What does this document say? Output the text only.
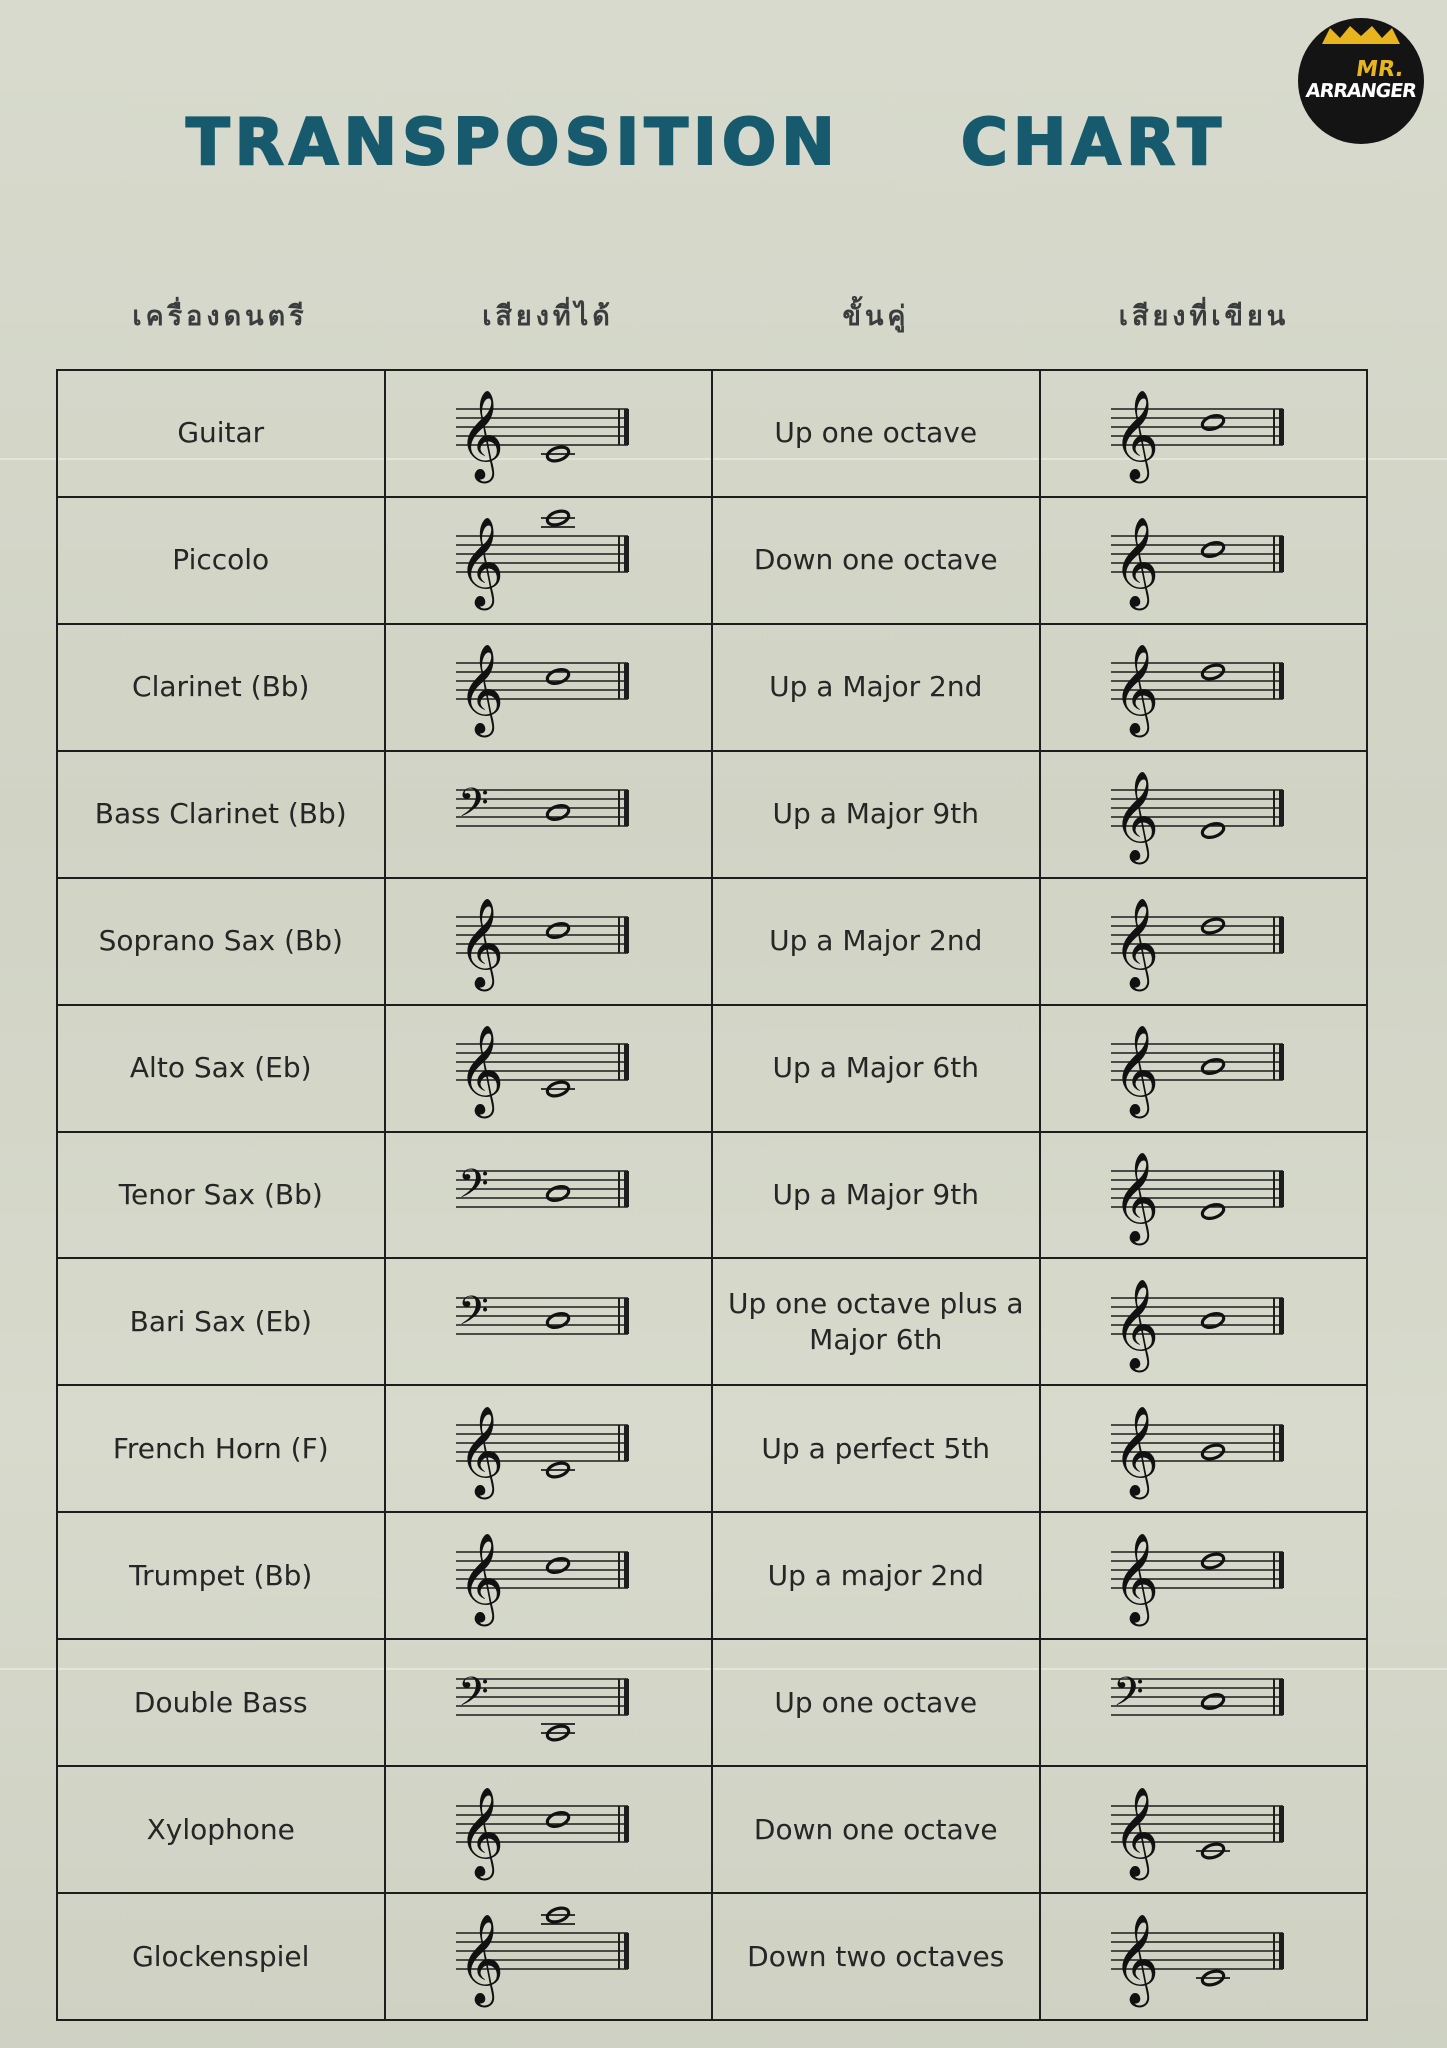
TRANSPOSITION CHART
MR.
ARRANGER
เครื่องดนตรี	เสียงที่ได้	ขั้นคู่	เสียงที่เขียน
Guitar	𝄞	Up one octave	𝄞

Piccolo	𝄞	Down one octave	𝄞

Clarinet (Bb)	𝄞	Up a Major 2nd	𝄞

Bass Clarinet (Bb)	𝄢	Up a Major 9th	𝄞

Soprano Sax (Bb)	𝄞	Up a Major 2nd	𝄞

Alto Sax (Eb)	𝄞	Up a Major 6th	𝄞

Tenor Sax (Bb)	𝄢	Up a Major 9th	𝄞

Bari Sax (Eb)	𝄢	Up one octave plus a Major 6th	𝄞

French Horn (F)	𝄞	Up a perfect 5th	𝄞

Trumpet (Bb)	𝄞	Up a major 2nd	𝄞

Double Bass	𝄢	Up one octave	𝄢

Xylophone	𝄞	Down one octave	𝄞

Glockenspiel	𝄞	Down two octaves	𝄞
